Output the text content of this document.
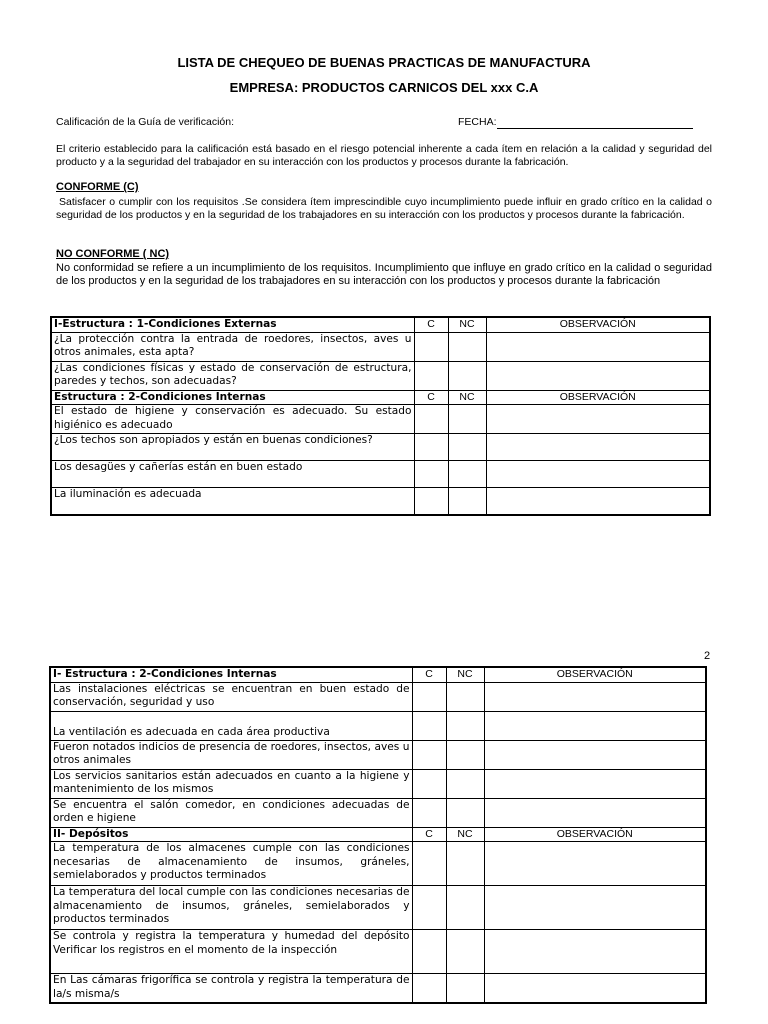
LISTA DE CHEQUEO DE BUENAS PRACTICAS DE MANUFACTURA
EMPRESA: PRODUCTOS CARNICOS DEL xxx C.A
Calificación de la Guía de verificación:	FECHA:
El criterio establecido para la calificación está basado en el riesgo potencial inherente a cada ítem en relación a la calidad y seguridad del producto y a la seguridad del trabajador en su interacción con los productos y procesos durante la fabricación.
CONFORME (C)
Satisfacer o cumplir con los requisitos .Se considera ítem imprescindible cuyo incumplimiento puede influir en grado crítico en la calidad o seguridad de los productos y en la seguridad de los trabajadores en su interacción con los productos y procesos durante la fabricación.
NO CONFORME ( NC)
No conformidad se refiere a un incumplimiento de los requisitos. Incumplimiento que influye en grado crítico en la calidad o seguridad de los productos y en la seguridad de los trabajadores en su interacción con los productos y procesos durante la fabricación
I-Estructura : 1-Condiciones Externas	C	NC	OBSERVACIÓN
¿La protección contra la entrada de roedores, insectos, aves u otros animales, esta apta?			
¿Las condiciones físicas y estado de conservación de estructura, paredes y techos, son adecuadas?			
Estructura : 2-Condiciones Internas	C	NC	OBSERVACIÓN
El estado de higiene y conservación es adecuado. Su estado higiénico es adecuado			
¿Los techos son apropiados y están en buenas condiciones?			
Los desagües y cañerías están en buen estado			
La iluminación es adecuada			
2
I- Estructura : 2-Condiciones Internas	C	NC	OBSERVACIÓN
Las instalaciones eléctricas se encuentran en buen estado de conservación, seguridad y uso			
La ventilación es adecuada en cada área productiva			
Fueron notados indicios de presencia de roedores, insectos, aves u otros animales			
Los servicios sanitarios están adecuados en cuanto a la higiene y mantenimiento de los mismos			
Se encuentra el salón comedor, en condiciones adecuadas de orden e higiene			
II- Depósitos	C	NC	OBSERVACIÓN
La temperatura de los almacenes cumple con las condiciones necesarias de almacenamiento de insumos, gráneles, semielaborados y productos terminados			
La temperatura del local cumple con las condiciones necesarias de almacenamiento de insumos, gráneles, semielaborados y productos terminados			
Se controla y registra la temperatura y humedad del depósito Verificar los registros en el momento de la inspección			
En Las cámaras frigorífica se controla y registra la temperatura de la/s misma/s			
